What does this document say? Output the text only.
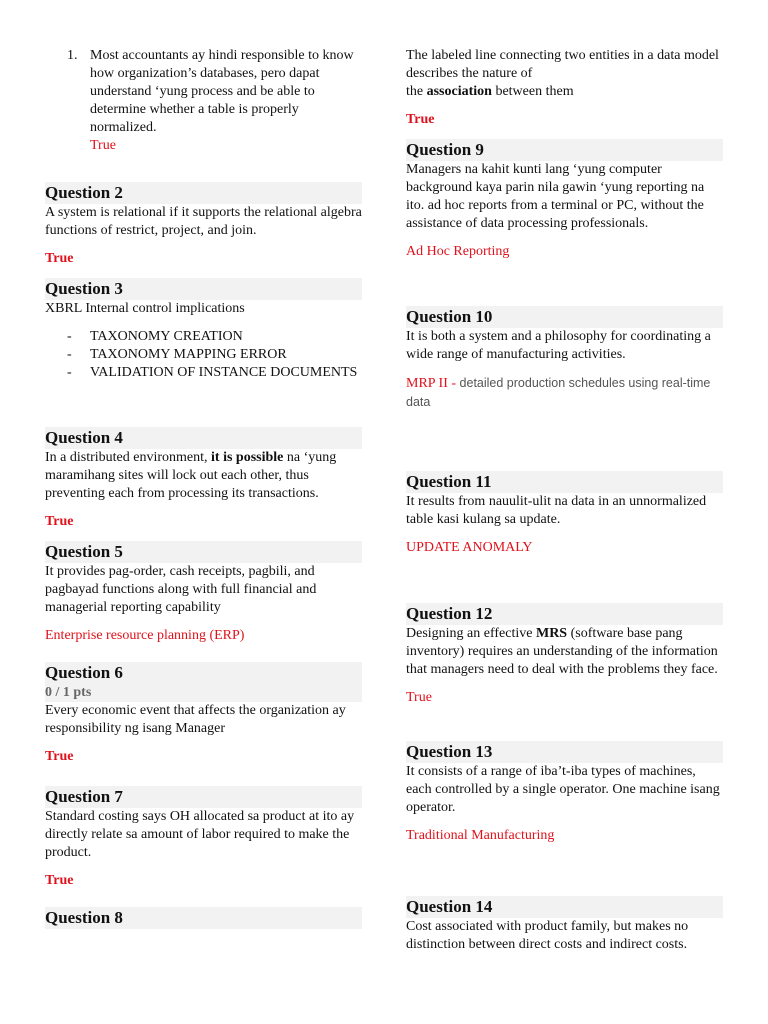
1. Most accountants ay hindi responsible to know how organization’s databases, pero dapat understand ‘yung process and be able to determine whether a table is properly normalized.
True
Question 2
A system is relational if it supports the relational algebra functions of restrict, project, and join.
True
Question 3
XBRL Internal control implications
- TAXONOMY CREATION
- TAXONOMY MAPPING ERROR
- VALIDATION OF INSTANCE DOCUMENTS
Question 4
In a distributed environment, it is possible na ‘yung maramihang sites will lock out each other, thus preventing each from processing its transactions.
True
Question 5
It provides pag-order, cash receipts, pagbili, and pagbayad functions along with full financial and managerial reporting capability
Enterprise resource planning (ERP)
Question 6
0 / 1 pts
Every economic event that affects the organization ay responsibility ng isang Manager
True
Question 7
Standard costing says OH allocated sa product at ito ay directly relate sa amount of labor required to make the product.
True
Question 8
The labeled line connecting two entities in a data model describes the nature of
the association between them
True
Question 9
Managers na kahit kunti lang ‘yung computer background kaya parin nila gawin ‘yung reporting na ito. ad hoc reports from a terminal or PC, without the assistance of data processing professionals.
Ad Hoc Reporting
Question 10
It is both a system and a philosophy for coordinating a wide range of manufacturing activities.
MRP II - detailed production schedules using real-time data
Question 11
It results from nauulit-ulit na data in an unnormalized table kasi kulang sa update.
UPDATE ANOMALY
Question 12
Designing an effective MRS (software base pang inventory) requires an understanding of the information that managers need to deal with the problems they face.
True
Question 13
It consists of a range of iba’t-iba types of machines, each controlled by a single operator. One machine isang operator.
Traditional Manufacturing
Question 14
Cost associated with product family, but makes no distinction between direct costs and indirect costs.
